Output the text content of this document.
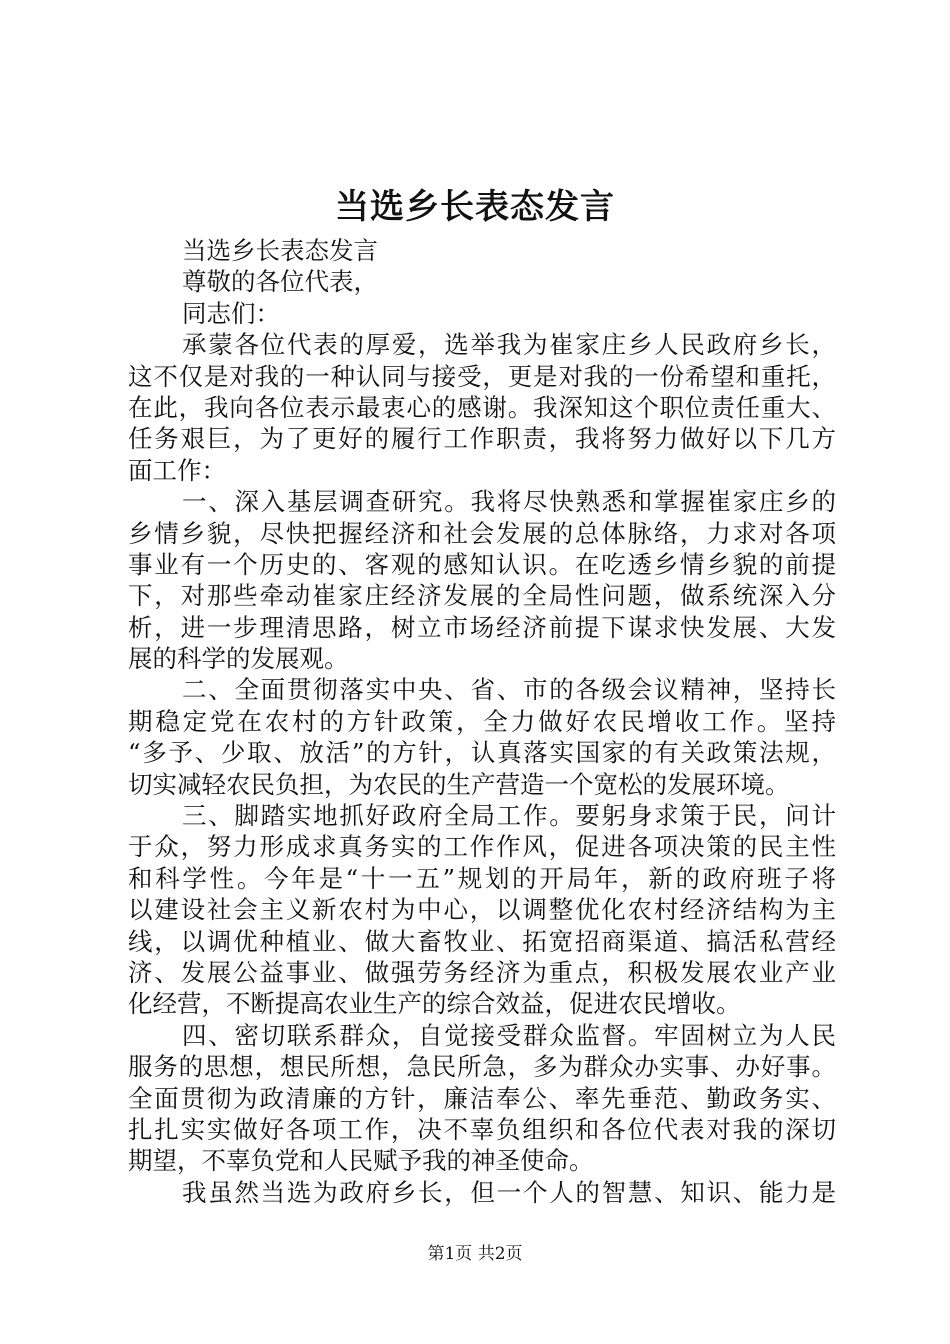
当选乡长表态发言
当选乡长表态发言
尊敬的各位代表，
同志们：
承蒙各位代表的厚爱，选举我为崔家庄乡人民政府乡长，
这不仅是对我的一种认同与接受，更是对我的一份希望和重托，
在此，我向各位表示最衷心的感谢。我深知这个职位责任重大、
任务艰巨，为了更好的履行工作职责，我将努力做好以下几方
面工作：
一、深入基层调查研究。我将尽快熟悉和掌握崔家庄乡的
乡情乡貌，尽快把握经济和社会发展的总体脉络，力求对各项
事业有一个历史的、客观的感知认识。在吃透乡情乡貌的前提
下，对那些牵动崔家庄经济发展的全局性问题，做系统深入分
析，进一步理清思路，树立市场经济前提下谋求快发展、大发
展的科学的发展观。
二、全面贯彻落实中央、省、市的各级会议精神，坚持长
期稳定党在农村的方针政策，全力做好农民增收工作。坚持
“多予、少取、放活”的方针，认真落实国家的有关政策法规，
切实减轻农民负担，为农民的生产营造一个宽松的发展环境。
三、脚踏实地抓好政府全局工作。要躬身求策于民，问计
于众，努力形成求真务实的工作作风，促进各项决策的民主性
和科学性。今年是“十一五”规划的开局年，新的政府班子将
以建设社会主义新农村为中心，以调整优化农村经济结构为主
线，以调优种植业、做大畜牧业、拓宽招商渠道、搞活私营经
济、发展公益事业、做强劳务经济为重点，积极发展农业产业
化经营，不断提高农业生产的综合效益，促进农民增收。
四、密切联系群众，自觉接受群众监督。牢固树立为人民
服务的思想，想民所想，急民所急，多为群众办实事、办好事。
全面贯彻为政清廉的方针，廉洁奉公、率先垂范、勤政务实、
扎扎实实做好各项工作，决不辜负组织和各位代表对我的深切
期望，不辜负党和人民赋予我的神圣使命。
我虽然当选为政府乡长，但一个人的智慧、知识、能力是
第1页 共2页
